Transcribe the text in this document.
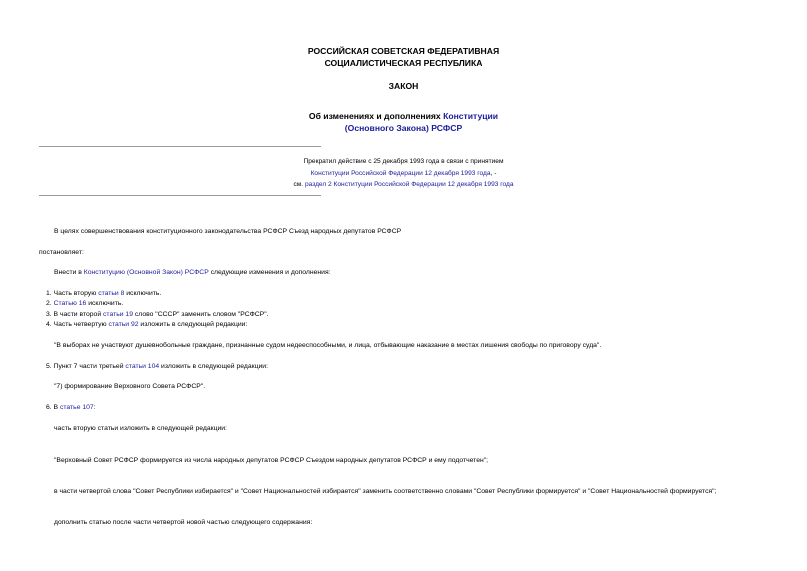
РОССИЙСКАЯ СОВЕТСКАЯ ФЕДЕРАТИВНАЯ
СОЦИАЛИСТИЧЕСКАЯ РЕСПУБЛИКА
ЗАКОН
Об изменениях и дополнениях Конституции
(Основного Закона) РСФСР
Прекратил действие с 25 декабря 1993 года в связи с принятием
Конституции Российской Федерации 12 декабря 1993 года, -
см. раздел 2 Конституции Российской Федерации 12 декабря 1993 года
В целях совершенствования конституционного законодательства РСФСР Съезд народных депутатов РСФСР
постановляет:
Внести в Конституцию (Основной Закон) РСФСР следующие изменения и дополнения:
1. Часть вторую статьи 8 исключить.
2. Статью 16 исключить.
3. В части второй статьи 19 слово "СССР" заменить словом "РСФСР".
4. Часть четвертую статьи 92 изложить в следующей редакции:
"В выборах не участвуют душевнобольные граждане, признанные судом недееспособными, и лица, отбывающие наказание в местах лишения свободы по приговору суда".
5. Пункт 7 части третьей статьи 104 изложить в следующей редакции:
"7) формирование Верховного Совета РСФСР".
6. В статье 107:
часть вторую статьи изложить в следующей редакции:
"Верховный Совет РСФСР формируется из числа народных депутатов РСФСР Съездом народных депутатов РСФСР и ему подотчетен";
в части четвертой слова "Совет Республики избирается" и "Совет Национальностей избирается" заменить соответственно словами "Совет Республики формируется" и "Совет Национальностей формируется";
дополнить статью после части четвертой новой частью следующего содержания:
